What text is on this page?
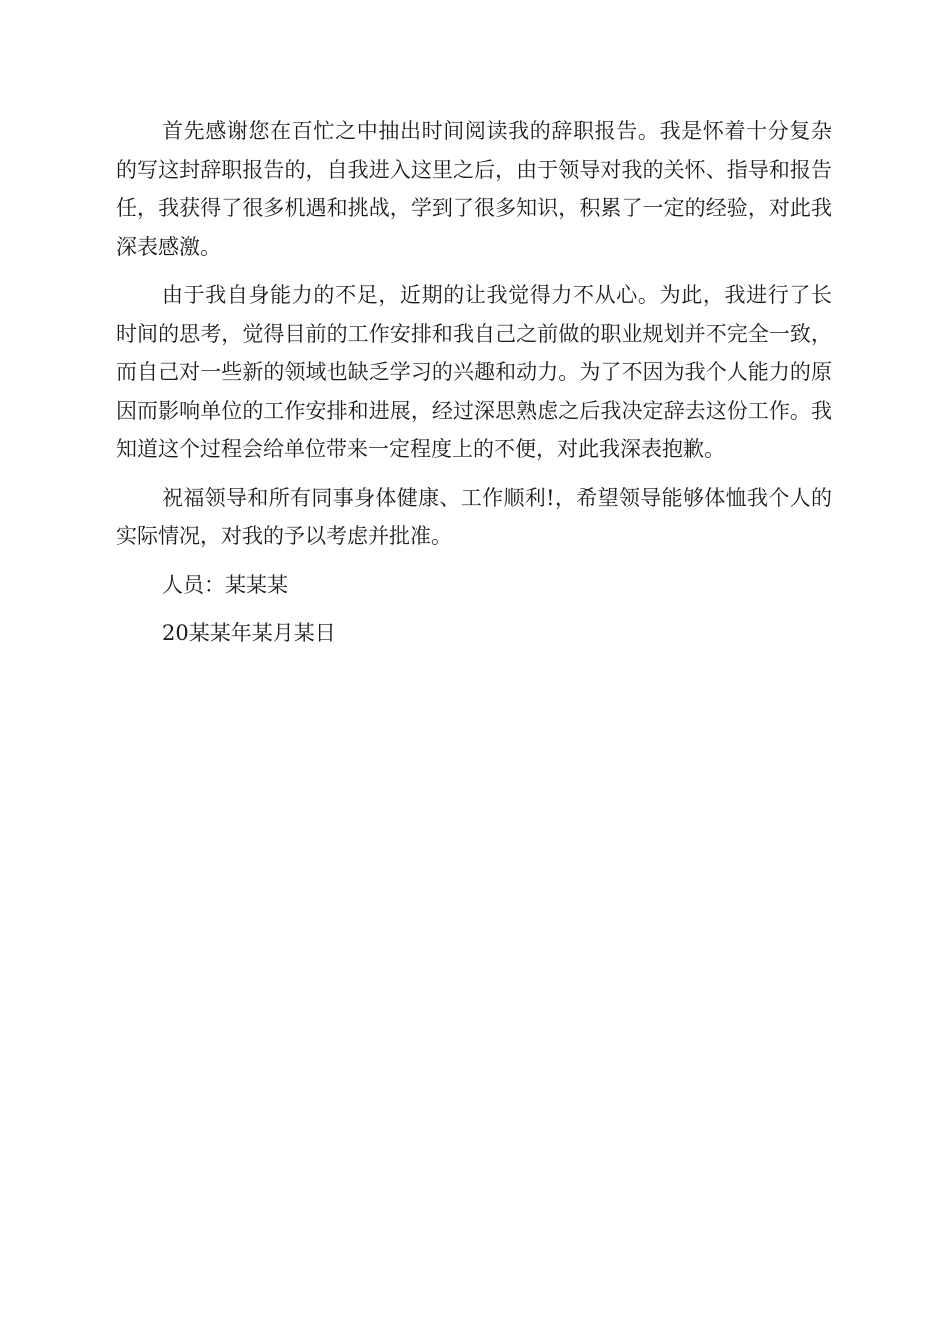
首先感谢您在百忙之中抽出时间阅读我的辞职报告。我是怀着十分复杂的写这封辞职报告的，自我进入这里之后，由于领导对我的关怀、指导和报告任，我获得了很多机遇和挑战，学到了很多知识，积累了一定的经验，对此我深表感激。

由于我自身能力的不足，近期的让我觉得力不从心。为此，我进行了长时间的思考，觉得目前的工作安排和我自己之前做的职业规划并不完全一致，而自己对一些新的领域也缺乏学习的兴趣和动力。为了不因为我个人能力的原因而影响单位的工作安排和进展，经过深思熟虑之后我决定辞去这份工作。我知道这个过程会给单位带来一定程度上的不便，对此我深表抱歉。

祝福领导和所有同事身体健康、工作顺利!，希望领导能够体恤我个人的实际情况，对我的予以考虑并批准。

人员：某某某

20某某年某月某日
